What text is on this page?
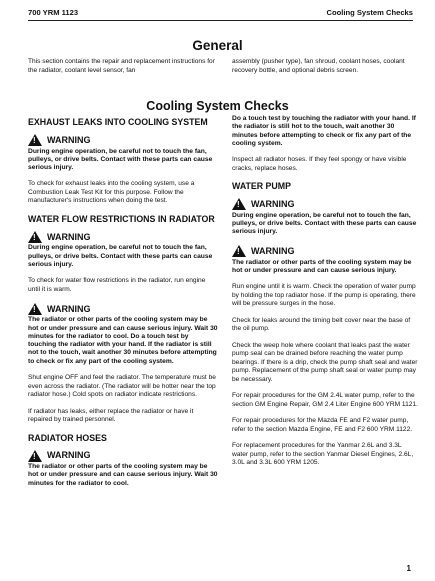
700 YRM 1123	Cooling System Checks
General
This section contains the repair and replacement instructions for the radiator, coolant level sensor, fan
assembly (pusher type), fan shroud, coolant hoses, coolant recovery bottle, and optional debris screen.
Cooling System Checks
EXHAUST LEAKS INTO COOLING SYSTEM
!
WARNING
During engine operation, be careful not to touch the fan, pulleys, or drive belts. Contact with these parts can cause serious injury.

To check for exhaust leaks into the cooling system, use a Combustion Leak Test Kit for this purpose. Follow the manufacturer's instructions when doing the test.

WATER FLOW RESTRICTIONS IN RADIATOR
!
WARNING
During engine operation, be careful not to touch the fan, pulleys, or drive belts. Contact with these parts can cause serious injury.

To check for water flow restrictions in the radiator, run engine until it is warm.

!
WARNING
The radiator or other parts of the cooling system may be hot or under pressure and can cause serious injury. Wait 30 minutes for the radiator to cool. Do a touch test by touching the radiator with your hand. If the radiator is still not to the touch, wait another 30 minutes before attempting to check or fix any part of the cooling system.

Shut engine OFF and feel the radiator. The temperature must be even across the radiator. (The radiator will be hotter near the top radiator hose.) Cold spots on radiator indicate restrictions.

If radiator has leaks, either replace the radiator or have it repaired by trained personnel.

RADIATOR HOSES
!
WARNING
The radiator or other parts of the cooling system may be hot or under pressure and can cause serious injury. Wait 30 minutes for the radiator to cool.
Do a touch test by touching the radiator with your hand. If the radiator is still hot to the touch, wait another 30 minutes before attempting to check or fix any part of the cooling system.

Inspect all radiator hoses. If they feel spongy or have visible cracks, replace hoses.

WATER PUMP
!
WARNING
During engine operation, be careful not to touch the fan, pulleys, or drive belts. Contact with these parts can cause serious injury.
!
WARNING
The radiator or other parts of the cooling system may be hot or under pressure and can cause serious injury.

Run engine until it is warm. Check the operation of water pump by holding the top radiator hose. If the pump is operating, there will be pressure surges in the hose.

Check for leaks around the timing belt cover near the base of the oil pump.

Check the weep hole where coolant that leaks past the water pump seal can be drained before reaching the water pump bearings. If there is a drip, check the pump shaft seal and water pump. Replacement of the pump shaft seal or water pump may be necessary.

For repair procedures for the GM 2.4L water pump, refer to the section GM Engine Repair, GM 2.4 Liter Engine 600 YRM 1121.

For repair procedures for the Mazda FE and F2 water pump, refer to the section Mazda Engine, FE and F2 600 YRM 1122.

For replacement procedures for the Yanmar 2.6L and 3.3L water pump, refer to the section Yanmar Diesel Engines, 2.6L, 3.0L and 3.3L 600 YRM 1205.

1
